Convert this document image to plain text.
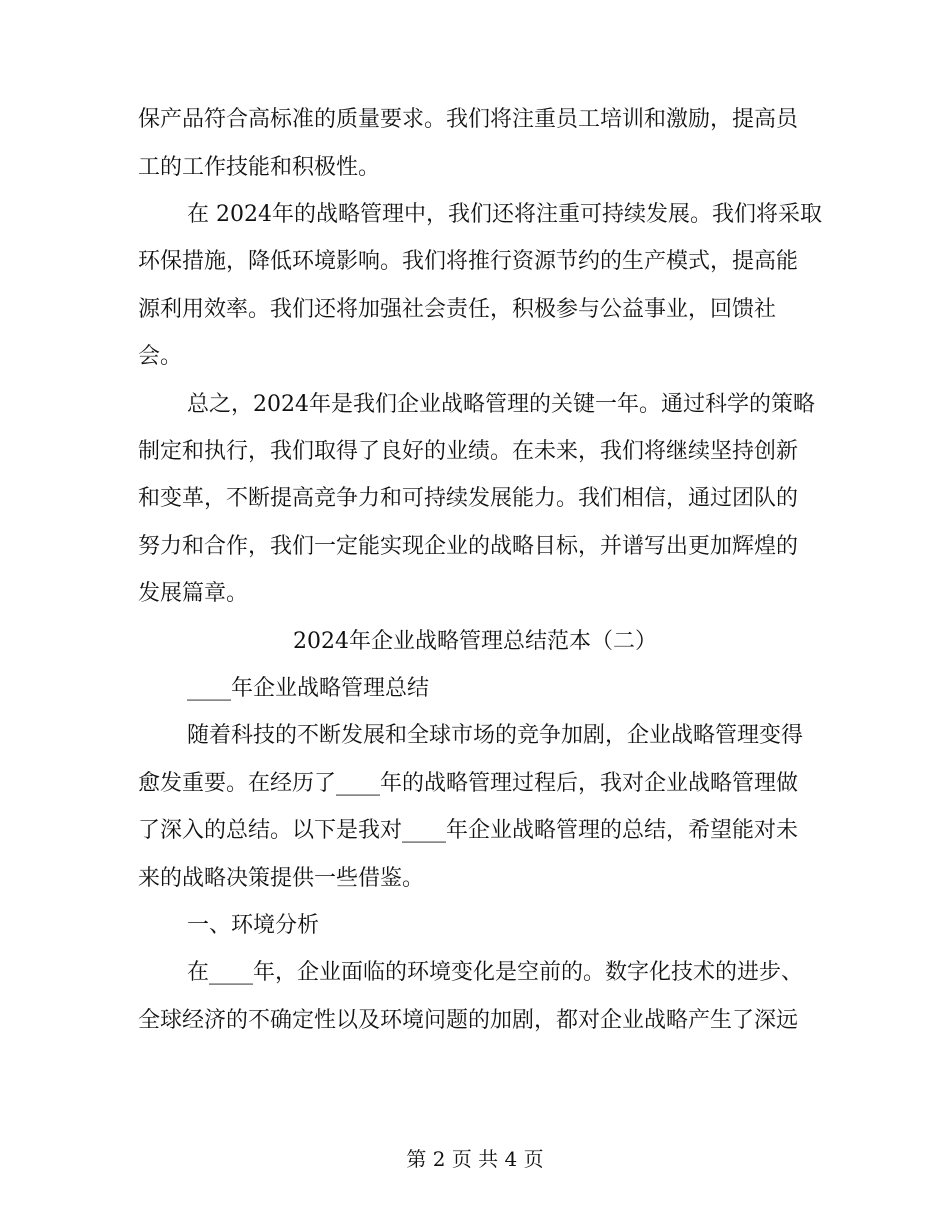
保产品符合高标准的质量要求。我们将注重员工培训和激励，提高员
工的工作技能和积极性。
在 2024年的战略管理中，我们还将注重可持续发展。我们将采取
环保措施，降低环境影响。我们将推行资源节约的生产模式，提高能
源利用效率。我们还将加强社会责任，积极参与公益事业，回馈社
会。
总之，2024年是我们企业战略管理的关键一年。通过科学的策略
制定和执行，我们取得了良好的业绩。在未来，我们将继续坚持创新
和变革，不断提高竞争力和可持续发展能力。我们相信，通过团队的
努力和合作，我们一定能实现企业的战略目标，并谱写出更加辉煌的
发展篇章。
2024年企业战略管理总结范本（二）
____年企业战略管理总结
随着科技的不断发展和全球市场的竞争加剧，企业战略管理变得
愈发重要。在经历了____年的战略管理过程后，我对企业战略管理做
了深入的总结。以下是我对____年企业战略管理的总结，希望能对未
来的战略决策提供一些借鉴。
一、环境分析
在____年，企业面临的环境变化是空前的。数字化技术的进步、
全球经济的不确定性以及环境问题的加剧，都对企业战略产生了深远
第 2 页 共 4 页
